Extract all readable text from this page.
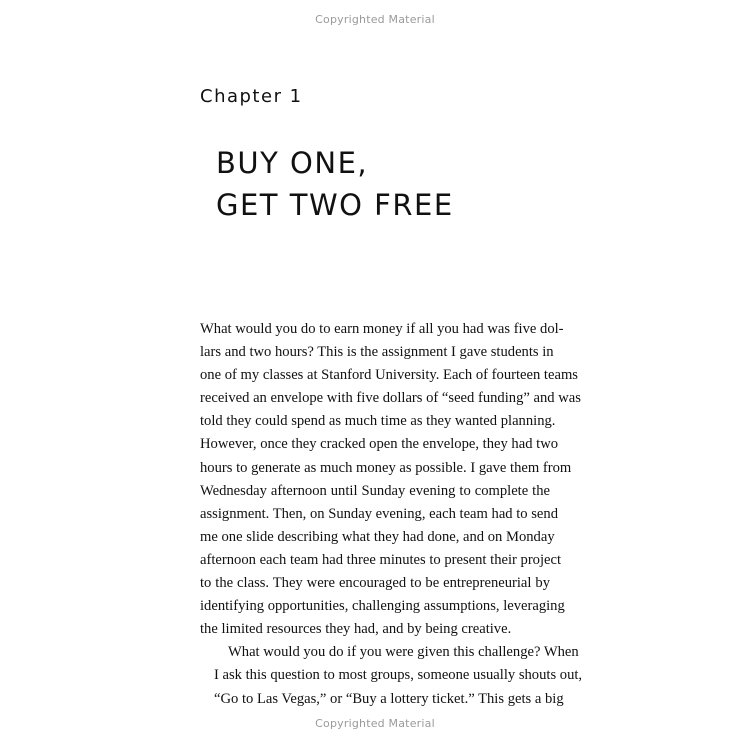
Copyrighted Material
Chapter 1
BUY ONE,
GET TWO FREE

What would you do to earn money if all you had was five dol-
lars and two hours? This is the assignment I gave students in
one of my classes at Stanford University. Each of fourteen teams
received an envelope with five dollars of “seed funding” and was
told they could spend as much time as they wanted planning.
However, once they cracked open the envelope, they had two
hours to generate as much money as possible. I gave them from
Wednesday afternoon until Sunday evening to complete the
assignment. Then, on Sunday evening, each team had to send
me one slide describing what they had done, and on Monday
afternoon each team had three minutes to present their project
to the class. They were encouraged to be entrepreneurial by
identifying opportunities, challenging assumptions, leveraging
the limited resources they had, and by being creative.

What would you do if you were given this challenge? When
I ask this question to most groups, someone usually shouts out,
“Go to Las Vegas,” or “Buy a lottery ticket.” This gets a big

Copyrighted Material
